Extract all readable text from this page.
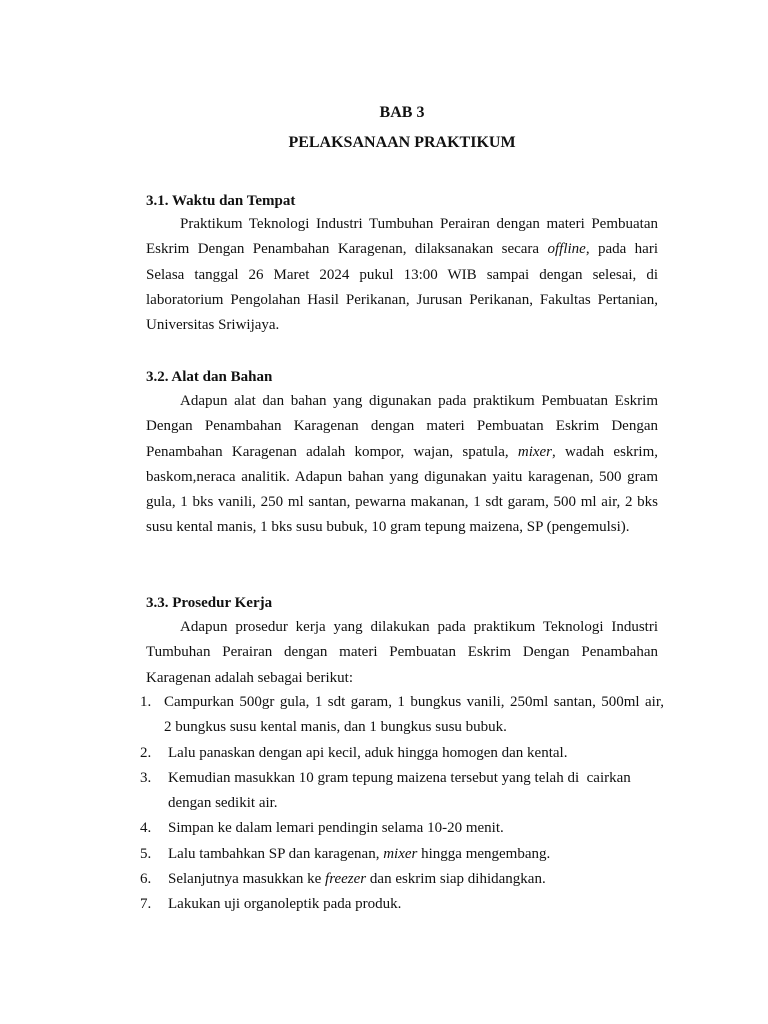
BAB 3
PELAKSANAAN PRAKTIKUM
3.1. Waktu dan Tempat

Praktikum Teknologi Industri Tumbuhan Perairan dengan materi Pembuatan Eskrim Dengan Penambahan Karagenan, dilaksanakan secara offline, pada hari Selasa tanggal 26 Maret 2024 pukul 13:00 WIB sampai dengan selesai, di laboratorium Pengolahan Hasil Perikanan, Jurusan Perikanan, Fakultas Pertanian, Universitas Sriwijaya.

3.2. Alat dan Bahan

Adapun alat dan bahan yang digunakan pada praktikum Pembuatan Eskrim Dengan Penambahan Karagenan dengan materi Pembuatan Eskrim Dengan Penambahan Karagenan adalah kompor, wajan, spatula, mixer, wadah eskrim, baskom,neraca analitik. Adapun bahan yang digunakan yaitu karagenan, 500 gram gula, 1 bks vanili, 250 ml santan, pewarna makanan, 1 sdt garam, 500 ml air, 2 bks susu kental manis, 1 bks susu bubuk, 10 gram tepung maizena, SP (pengemulsi).

3.3. Prosedur Kerja

Adapun prosedur kerja yang dilakukan pada praktikum Teknologi Industri Tumbuhan Perairan dengan materi Pembuatan Eskrim Dengan Penambahan Karagenan adalah sebagai berikut:

1. Campurkan 500gr gula, 1 sdt garam, 1 bungkus vanili, 250ml santan, 500ml air,    2 bungkus susu kental manis, dan 1 bungkus susu bubuk.
2. Lalu panaskan dengan api kecil, aduk hingga homogen dan kental.
3. Kemudian masukkan 10 gram tepung maizena tersebut yang telah di  cairkan dengan sedikit air.
4. Simpan ke dalam lemari pendingin selama 10-20 menit.
5. Lalu tambahkan SP dan karagenan, mixer hingga mengembang.
6. Selanjutnya masukkan ke freezer dan eskrim siap dihidangkan.
7. Lakukan uji organoleptik pada produk.
